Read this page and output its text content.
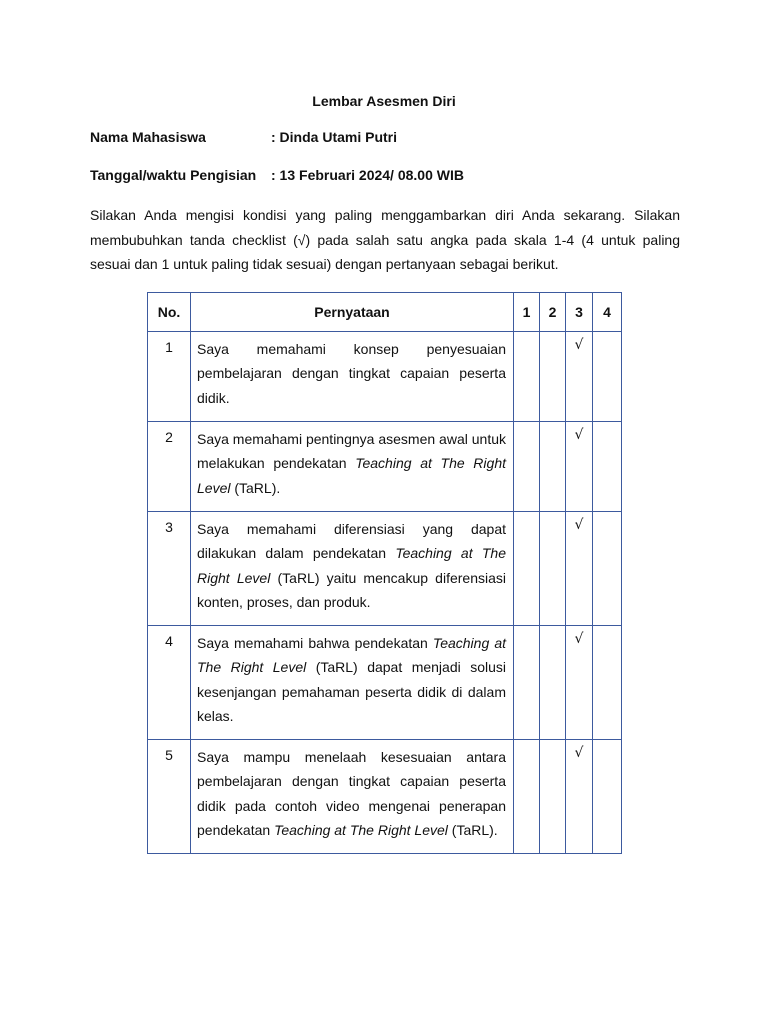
Lembar Asesmen Diri
Nama Mahasiswa	: Dinda Utami Putri
Tanggal/waktu Pengisian : 13 Februari 2024/ 08.00 WIB
Silakan Anda mengisi kondisi yang paling menggambarkan diri Anda sekarang. Silakan membubuhkan tanda checklist (√) pada salah satu angka pada skala 1-4 (4 untuk paling sesuai dan 1 untuk paling tidak sesuai) dengan pertanyaan sebagai berikut.
No.	Pernyataan	1	2	3	4
1	Saya memahami konsep penyesuaian pembelajaran dengan tingkat capaian peserta didik.			√	
2	Saya memahami pentingnya asesmen awal untuk melakukan pendekatan Teaching at The Right Level (TaRL).			√	
3	Saya memahami diferensiasi yang dapat dilakukan dalam pendekatan Teaching at The Right Level (TaRL) yaitu mencakup diferensiasi konten, proses, dan produk.			√	
4	Saya memahami bahwa pendekatan Teaching at The Right Level (TaRL) dapat menjadi solusi kesenjangan pemahaman peserta didik di dalam kelas.			√	
5	Saya mampu menelaah kesesuaian antara pembelajaran dengan tingkat capaian peserta didik pada contoh video mengenai penerapan pendekatan Teaching at The Right Level (TaRL).			√	
